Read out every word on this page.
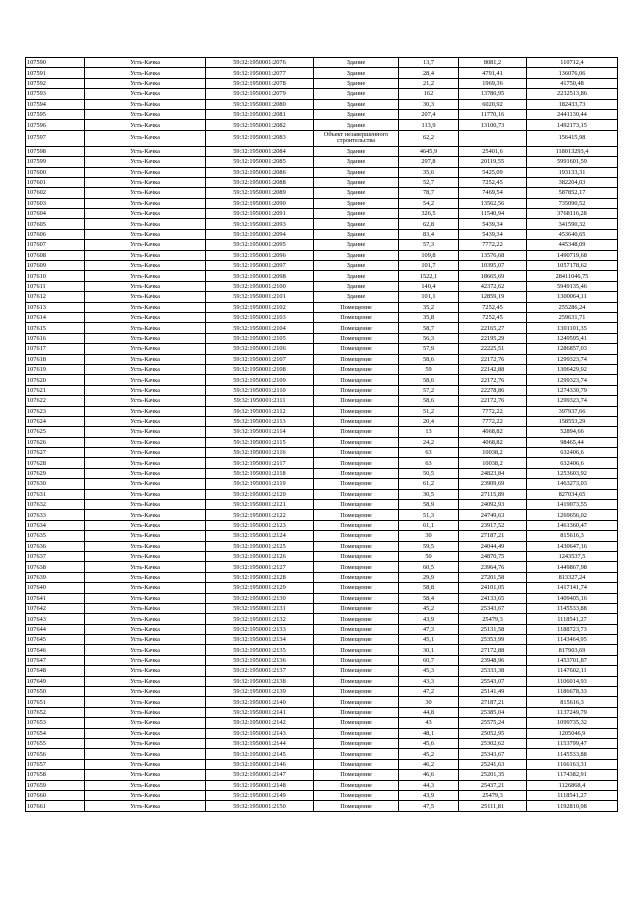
107590	Усть-Качка	59:32:1950001:2076	Здание	13,7	8081,2	110712,4
107591	Усть-Качка	59:32:1950001:2077	Здание	28,4	4791,41	136076,06
107592	Усть-Качка	59:32:1950001:2078	Здание	21,2	1969,36	41750,48
107593	Усть-Качка	59:32:1950001:2079	Здание	162	13780,95	2232513,86
107594	Усть-Качка	59:32:1950001:2080	Здание	30,3	6020,92	182433,73
107595	Усть-Качка	59:32:1950001:2081	Здание	207,4	11770,16	2441130,44
107596	Усть-Качка	59:32:1950001:2082	Здание	113,9	13100,73	1492173,15
107597	Усть-Качка	59:32:1950001:2083	Объект незавершенного строительства	62,2		156415,98
107598	Усть-Качка	59:32:1950001:2084	Здание	4645,9	25401,6	118013293,4
107599	Усть-Качка	59:32:1950001:2085	Здание	297,8	20119,55	5991601,59
107600	Усть-Качка	59:32:1950001:2086	Здание	35,6	5425,09	193133,31
107601	Усть-Качка	59:32:1950001:2088	Здание	52,7	7252,45	382204,03
107602	Усть-Качка	59:32:1950001:2089	Здание	78,7	7469,54	587852,17
107603	Усть-Качка	59:32:1950001:2090	Здание	54,2	13562,56	735090,52
107604	Усть-Качка	59:32:1950001:2091	Здание	326,5	11540,94	3768116,28
107605	Усть-Качка	59:32:1950001:2093	Здание	62,8	5439,34	341590,32
107606	Усть-Качка	59:32:1950001:2094	Здание	83,4	5439,34	453640,65
107607	Усть-Качка	59:32:1950001:2095	Здание	57,3	7772,22	445348,09
107608	Усть-Качка	59:32:1950001:2096	Здание	109,8	13576,68	1490719,68
107609	Усть-Качка	59:32:1950001:2097	Здание	101,7	10395,07	1057178,62
107610	Усть-Качка	59:32:1950001:2098	Здание	1522,1	18665,69	28411046,75
107611	Усть-Качка	59:32:1950001:2100	Здание	140,4	42372,62	5949135,46
107612	Усть-Качка	59:32:1950001:2101	Здание	101,1	12859,19	1300064,11
107613	Усть-Качка	59:32:1950001:2102	Помещение	35,2	7252,45	255286,24
107614	Усть-Качка	59:32:1950001:2103	Помещение	35,8	7252,45	259631,71
107615	Усть-Качка	59:32:1950001:2104	Помещение	58,7	22165,27	1301101,35
107616	Усть-Качка	59:32:1950001:2105	Помещение	56,3	22195,29	1249595,41
107617	Усть-Качка	59:32:1950001:2106	Помещение	57,9	22225,51	1286857,03
107618	Усть-Качка	59:32:1950001:2107	Помещение	58,6	22172,76	1299323,74
107619	Усть-Качка	59:32:1950001:2108	Помещение	59	22142,88	1306429,92
107620	Усть-Качка	59:32:1950001:2109	Помещение	58,6	22172,76	1299323,74
107621	Усть-Качка	59:32:1950001:2110	Помещение	57,2	22278,86	1274330,79
107622	Усть-Качка	59:32:1950001:2111	Помещение	58,6	22172,76	1299323,74
107623	Усть-Качка	59:32:1950001:2112	Помещение	51,2	7772,22	397937,66
107624	Усть-Качка	59:32:1950001:2113	Помещение	20,4	7772,22	158553,29
107625	Усть-Качка	59:32:1950001:2114	Помещение	13	4068,82	52894,66
107626	Усть-Качка	59:32:1950001:2115	Помещение	24,2	4068,82	98465,44
107627	Усть-Качка	59:32:1950001:2116	Помещение	63	10038,2	632406,6
107628	Усть-Качка	59:32:1950001:2117	Помещение	63	10038,2	632406,6
107629	Усть-Качка	59:32:1950001:2118	Помещение	50,5	24823,84	1253603,92
107630	Усть-Качка	59:32:1950001:2119	Помещение	61,2	23909,69	1463273,03
107631	Усть-Качка	59:32:1950001:2120	Помещение	30,5	27115,89	827034,65
107632	Усть-Качка	59:32:1950001:2121	Помещение	58,9	24092,93	1419073,55
107633	Усть-Качка	59:32:1950001:2122	Помещение	51,3	24749,63	1269656,02
107634	Усть-Качка	59:32:1950001:2123	Помещение	61,1	23917,52	1461360,47
107635	Усть-Качка	59:32:1950001:2124	Помещение	30	27187,21	815616,3
107636	Усть-Качка	59:32:1950001:2125	Помещение	59,5	24044,49	1430647,16
107637	Усть-Качка	59:32:1950001:2126	Помещение	50	24870,75	1243537,5
107638	Усть-Качка	59:32:1950001:2127	Помещение	60,5	23964,76	1449867,98
107639	Усть-Качка	59:32:1950001:2128	Помещение	29,9	27201,58	813327,24
107640	Усть-Качка	59:32:1950001:2129	Помещение	58,8	24101,05	1417141,74
107641	Усть-Качка	59:32:1950001:2130	Помещение	58,4	24133,65	1409405,16
107642	Усть-Качка	59:32:1950001:2131	Помещение	45,2	25343,67	1145533,88
107643	Усть-Качка	59:32:1950001:2132	Помещение	43,9	25479,3	1118541,27
107644	Усть-Качка	59:32:1950001:2133	Помещение	47,3	25131,58	1188723,73
107645	Усть-Качка	59:32:1950001:2134	Помещение	45,1	25353,99	1143464,95
107646	Усть-Качка	59:32:1950001:2135	Помещение	30,1	27172,88	817903,69
107647	Усть-Качка	59:32:1950001:2136	Помещение	60,7	23948,96	1453701,87
107648	Усть-Качка	59:32:1950001:2137	Помещение	45,3	25333,38	1147602,11
107649	Усть-Качка	59:32:1950001:2138	Помещение	43,3	25543,07	1106014,93
107650	Усть-Качка	59:32:1950001:2139	Помещение	47,2	25141,49	1186678,33
107651	Усть-Качка	59:32:1950001:2140	Помещение	30	27187,21	815616,3
107652	Усть-Качка	59:32:1950001:2141	Помещение	44,8	25385,04	1137249,79
107653	Усть-Качка	59:32:1950001:2142	Помещение	43	25575,24	1099735,32
107654	Усть-Качка	59:32:1950001:2143	Помещение	48,1	25052,95	1205046,9
107655	Усть-Качка	59:32:1950001:2144	Помещение	45,6	25302,62	1153799,47
107656	Усть-Качка	59:32:1950001:2145	Помещение	45,2	25343,67	1145533,88
107657	Усть-Качка	59:32:1950001:2146	Помещение	46,2	25241,63	1166163,31
107658	Усть-Качка	59:32:1950001:2147	Помещение	46,6	25201,35	1174382,91
107659	Усть-Качка	59:32:1950001:2148	Помещение	44,3	25437,21	1126868,4
107660	Усть-Качка	59:32:1950001:2149	Помещение	43,9	25479,3	1118541,27
107661	Усть-Качка	59:32:1950001:2150	Помещение	47,5	25111,81	1192810,98
